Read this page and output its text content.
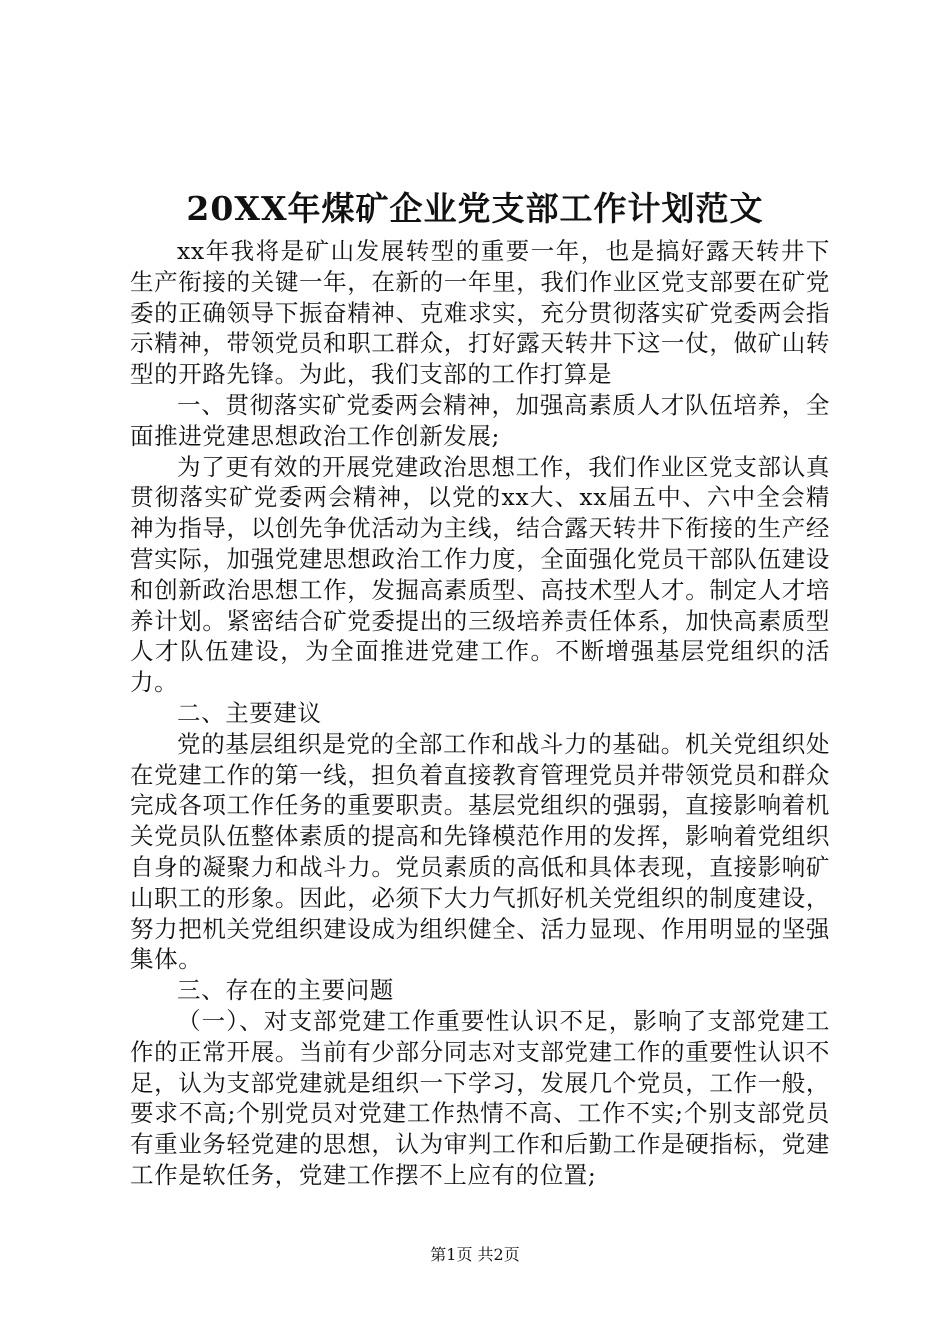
20XX年煤矿企业党支部工作计划范文

xx年我将是矿山发展转型的重要一年，也是搞好露天转井下生产衔接的关键一年，在新的一年里，我们作业区党支部要在矿党委的正确领导下振奋精神、克难求实，充分贯彻落实矿党委两会指示精神，带领党员和职工群众，打好露天转井下这一仗，做矿山转型的开路先锋。为此，我们支部的工作打算是

一、贯彻落实矿党委两会精神，加强高素质人才队伍培养，全面推进党建思想政治工作创新发展;

为了更有效的开展党建政治思想工作，我们作业区党支部认真贯彻落实矿党委两会精神，以党的xx大、xx届五中、六中全会精神为指导，以创先争优活动为主线，结合露天转井下衔接的生产经营实际，加强党建思想政治工作力度，全面强化党员干部队伍建设和创新政治思想工作，发掘高素质型、高技术型人才。制定人才培养计划。紧密结合矿党委提出的三级培养责任体系，加快高素质型人才队伍建设，为全面推进党建工作。不断增强基层党组织的活力。

二、主要建议

党的基层组织是党的全部工作和战斗力的基础。机关党组织处在党建工作的第一线，担负着直接教育管理党员并带领党员和群众完成各项工作任务的重要职责。基层党组织的强弱，直接影响着机关党员队伍整体素质的提高和先锋模范作用的发挥，影响着党组织自身的凝聚力和战斗力。党员素质的高低和具体表现，直接影响矿山职工的形象。因此，必须下大力气抓好机关党组织的制度建设，努力把机关党组织建设成为组织健全、活力显现、作用明显的坚强集体。

三、存在的主要问题

（一）、对支部党建工作重要性认识不足，影响了支部党建工作的正常开展。当前有少部分同志对支部党建工作的重要性认识不足，认为支部党建就是组织一下学习，发展几个党员，工作一般，要求不高;个别党员对党建工作热情不高、工作不实;个别支部党员有重业务轻党建的思想，认为审判工作和后勤工作是硬指标，党建工作是软任务，党建工作摆不上应有的位置;

第1页 共2页
